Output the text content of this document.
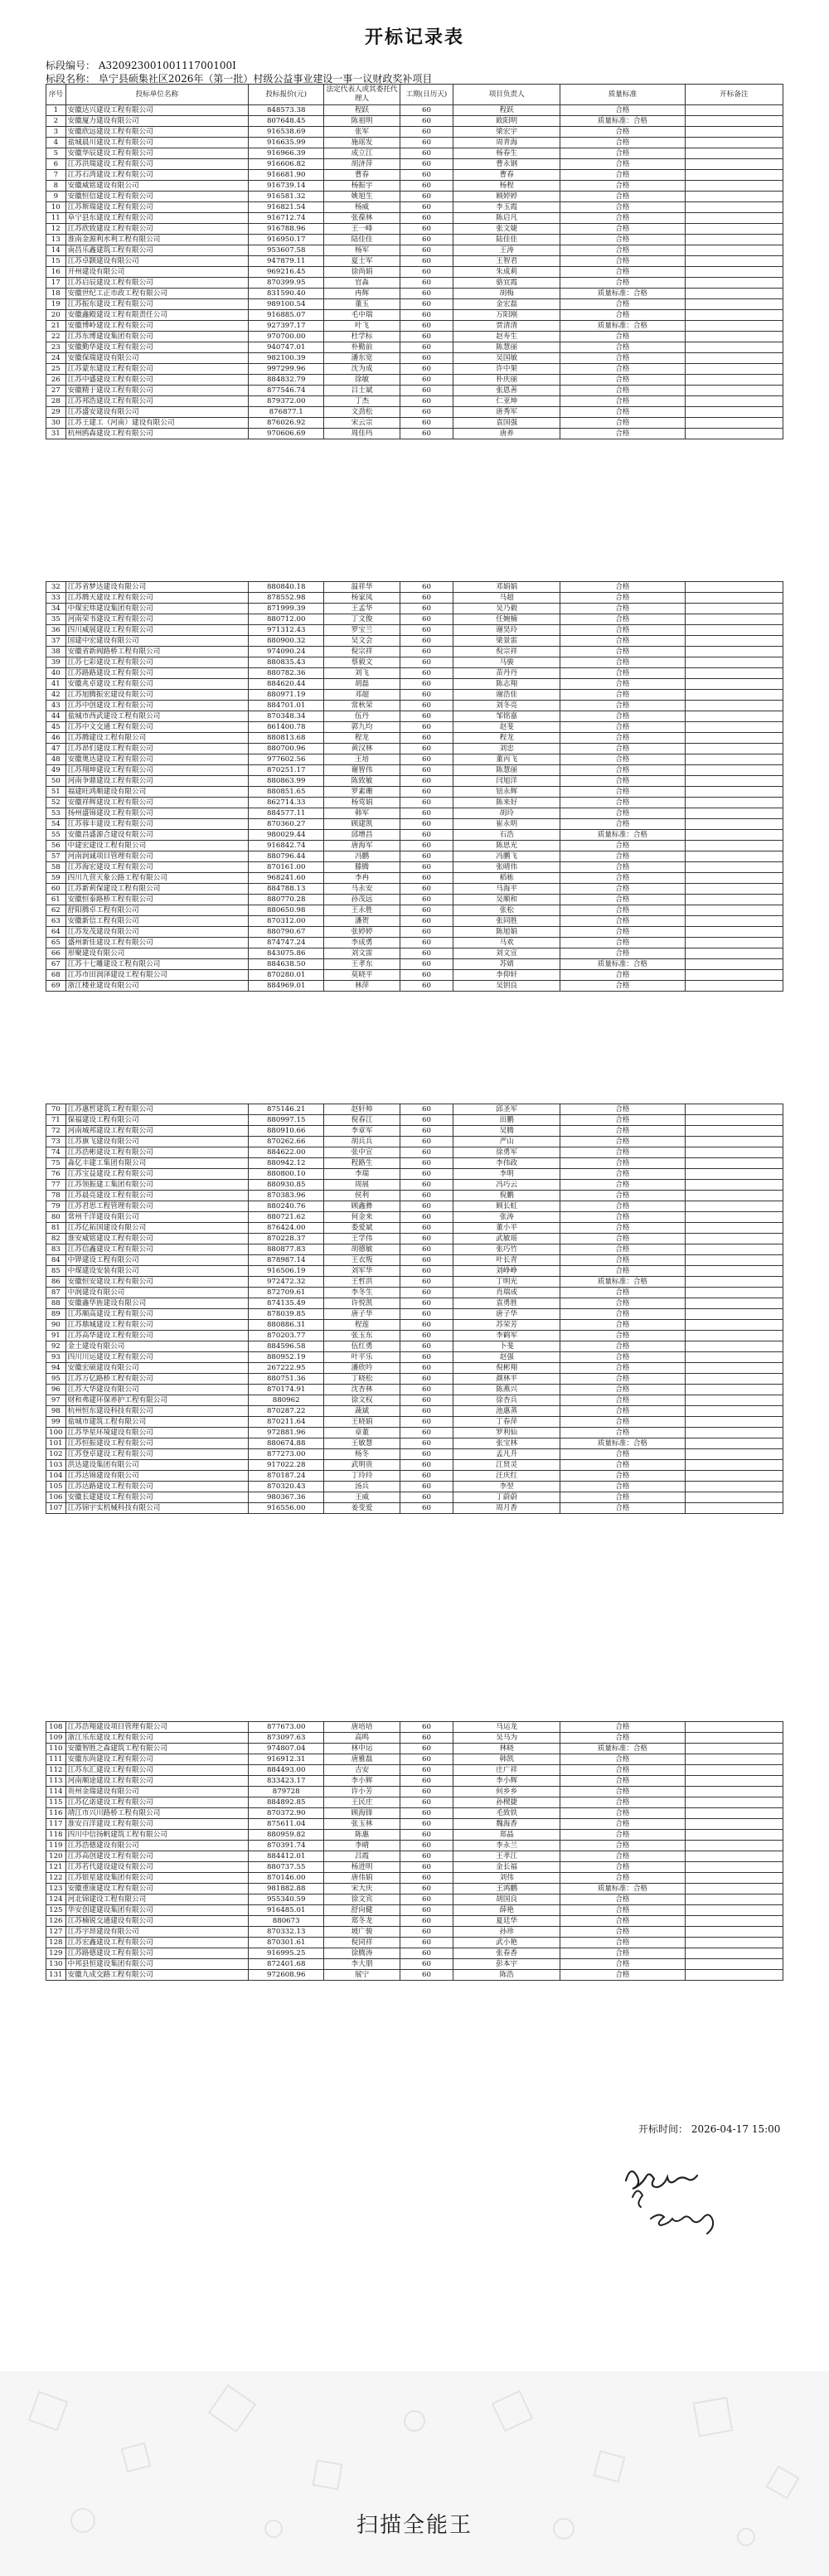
开标记录表
标段编号： A32092300100111700100I
标段名称： 阜宁县硕集社区2026年（第一批）村级公益事业建设一事一议财政奖补项目
序号	投标单位名称	投标报价(元)	法定代表人或其委托代理人	工期(日历天)	项目负责人	质量标准	开标备注
1	安徽达兴建设工程有限公司	848573.38	程跃	60	程跃	合格	
2	安徽厦力建设有限公司	807648.45	陈祖明	60	欧阳明	质量标准：合格	
3	安徽欣远建设工程有限公司	916538.69	张军	60	梁宏宇	合格	
4	盐城晨川建设工程有限公司	916635.99	施瑶发	60	周青海	合格	
5	安徽华辰建设工程有限公司	916966.39	成立江	60	杨春生	合格	
6	江苏洪瑞建设工程有限公司	916606.82	胡济萍	60	曹永钢	合格	
7	江苏石湾建设工程有限公司	916681.90	曹春	60	曹春	合格	
8	安徽威铭建设有限公司	916739.14	杨振宇	60	杨程	合格	
9	安徽恒信建设工程有限公司	916581.32	姚旭生	60	顾婷婷	合格	
10	江苏斯瑞建设工程有限公司	916821.54	杨威	60	李玉霞	合格	
11	阜宁县东建设工程有限公司	916712.74	张葆林	60	陈启凡	合格	
12	江苏欣致建设工程有限公司	916788.96	王一峰	60	张文婕	合格	
13	淮南金源利水利工程有限公司	916950.17	陆佳佳	60	陆佳佳	合格	
14	南昌乐鑫建筑工程有限公司	953607.58	杨军	60	王涛	合格	
15	江苏卓颢建设有限公司	947879.11	夏士军	60	王智君	合格	
16	开州建设有限公司	969216.45	徐尚娟	60	朱成莉	合格	
17	江苏启辰建设工程有限公司	870399.95	官淼	60	骆宜霞	合格	
18	安徽世纪工正市政工程有限公司	831590.40	冉辉	60	胡梅	质量标准：合格	
19	江苏振东建设工程有限公司	989100.54	董玉	60	金宏磊	合格	
20	安徽鑫殿建设工程有限责任公司	916885.07	毛中瑞	60	万阳刚	合格	
21	安徽博岭建设工程有限公司	927397.17	叶飞	60	贾清清	质量标准：合格	
22	江苏东博建设集团有限公司	970700.00	杜学标	60	赵寿生	合格	
23	安徽勤华建设工程有限公司	940747.01	朴勤前	60	陈慧丽	合格	
24	安徽保瑞建设有限公司	982100.39	潘东宽	60	吴国敏	合格	
25	江苏蒙东建设工程有限公司	997299.96	沈为成	60	许中果	合格	
26	江苏中盛建设工程有限公司	884832.79	徐敏	60	朴庆丽	合格	
27	安徽精于建设工程有限公司	877546.74	吕士斌	60	张恩善	合格	
28	江苏邦浩建设工程有限公司	879372.00	丁杰	60	仁亚坤	合格	
29	江苏盛安建设有限公司	876877.1	文劲松	60	唐秀军	合格	
30	江苏王建工（河南）建设有限公司	876026.92	宋云宗	60	袁国强	合格	
31	杭州鸥森建设工程有限公司	970606.69	周佳玛	60	唐养	合格	
32	江苏省梦达建设有限公司	880840.18	温祥华	60	邓娟娟	合格	
33	江苏腾天建设工程有限公司	878552.98	杨家凤	60	马超	合格	
34	中煤宏炜建设集团有限公司	871999.39	王孟华	60	吴乃毅	合格	
35	河南荣书建设工程有限公司	880712.00	丁文俊	60	任婉楠	合格	
36	四川威展建设工程有限公司	971312.43	罗宝兰	60	谢昊玲	合格	
37	国建中宏建设有限公司	880900.32	吴文会	60	梁景雷	合格	
38	安徽省新阀路桥工程有限公司	974090.24	倪宗祥	60	倪宗祥	合格	
39	江苏七彩建设工程有限公司	880835.43	蔡毅文	60	马骏	合格	
40	江苏路路建设工程有限公司	880782.36	刘飞	60	苗丹丹	合格	
41	安徽兆卓建设工程有限公司	884620.44	胡磊	60	陈志翔	合格	
42	江苏旭腾振宏建设有限公司	880971.19	邓超	60	谢浩佳	合格	
43	江苏中创建设工程有限公司	884701.01	常秋荣	60	刘冬亮	合格	
44	盐城市西武建设工程有限公司	870348.34	伍丹	60	邹铭嘉	合格	
45	江苏中文交通工程有限公司	861400.78	郭九均	60	赵斐	合格	
46	江苏腾建设工程有限公司	880813.68	程龙	60	程龙	合格	
47	江苏昂们建设工程有限公司	880700.96	黄汉林	60	刘忠	合格	
48	安徽奥达建设工程有限公司	977602.56	王培	60	董丙飞	合格	
49	江苏翔坤建设工程有限公司	870251.17	谢智伟	60	陈慧丽	合格	
50	河南争鼎建设工程有限公司	880863.99	陈致敏	60	闫旭洋	合格	
51	福建旺鸿顺建设有限公司	880851.65	罗素珊	60	钮永辉	合格	
52	安徽祥辉建设工程有限公司	862714.33	杨莺娟	60	陈来好	合格	
53	扬州盛锦建设工程有限公司	884577.11	韩军	60	胡玲	合格	
54	江苏蓉丰建设工程有限公司	870360.27	顾建凯	60	崔永明	合格	
55	安徽昌盛源合建设有限公司	980029.44	邱增昌	60	石浩	质量标准：合格	
56	中建宏建设工程有限公司	916842.74	唐海军	60	陈思光	合格	
57	河南润诚项目管理有限公司	880796.44	冯鹏	60	冯鹏飞	合格	
58	江苏海宏建设工程有限公司	870161.00	滕腾	60	张晴伟	合格	
59	四川九营天象公路工程有限公司	968241.60	李冉	60	稻栋	合格	
60	江苏新莉保建设工程有限公司	884788.13	马永安	60	马海平	合格	
61	安徽恒泰路桥工程有限公司	880770.28	孙茂远	60	吴顺和	合格	
62	舒阳腾卓工程有限公司	880650.98	王永胜	60	张松	合格	
63	安徽新信工程有限公司	870312.00	潘贺	60	张同胜	合格	
64	江苏发茂建设有限公司	880790.67	张婷婷	60	陈旭娟	合格	
65	盛州新佳建设工程有限公司	874747.24	李成勇	60	马欢	合格	
66	形聚建设有限公司	843075.86	刘文雷	60	刘文宣	合格	
67	江苏十七雕建设工程有限公司	884638.50	王孝东	60	苏婧	质量标准：合格	
68	江苏市田润泽建设工程有限公司	870280.01	莫晓平	60	李仰轩	合格	
69	浙江楼业建设有限公司	884969.01	林萍	60	吴钥良	合格	
70	江苏惠哲建筑工程有限公司	875146.21	赵轩帅	60	邱圣军	合格	
71	保福建设工程有限公司	880997.15	倪春江	60	田鹏	合格	
72	河南城邦建设工程有限公司	880910.66	李章军	60	吴腾	合格	
73	江苏旗飞建设有限公司	870262.66	胡兵兵	60	严山	合格	
74	江苏浩彬建设工程有限公司	884622.00	张中宣	60	徐勇军	合格	
75	淼亿丰建工集团有限公司	880942.12	程路生	60	李伟政	合格	
76	江苏宝益建设工程有限公司	880800.10	李瑞	60	李明	合格	
77	江苏领振建工集团有限公司	880930.85	周展	60	冯巧云	合格	
78	江苏晨亮建设工程有限公司	870383.96	侯利	60	倪鹏	合格	
79	江苏君思工程管理有限公司	880240.76	顾鑫彝	60	顾长虹	合格	
80	常州千洋建设有限公司	880721.62	何金来	60	张涛	合格	
81	江苏亿拓国建设有限公司	876424.00	娄爱斌	60	董小平	合格	
82	淮安威铭建设工程有限公司	870228.37	王学伟	60	武敏瑶	合格	
83	江苏信鑫建设工程有限公司	880877.83	胡德敏	60	张巧竹	合格	
84	中铧建设工程有限公司	878987.14	王衣叛	60	叶长青	合格	
85	中煤建设安装有限公司	916506.19	刘军华	60	刘峥峥	合格	
86	安徽恒安建设工程有限公司	972472.32	王哲洪	60	丁明光	质量标准：合格	
87	中润建设有限公司	872709.61	李冬生	60	肖瑞成	合格	
88	安徽鑫华旌建设有限公司	874135.49	许悦凯	60	袁勇胜	合格	
89	江苏顺高建设工程有限公司	878039.85	唐子华	60	唐子华	合格	
90	江苏鼎城建设工程有限公司	880886.31	程莲	60	苏荣芳	合格	
91	江苏高华建设工程有限公司	870203.77	张玉东	60	李鹤军	合格	
92	金土建设有限公司	884596.58	伍红勇	60	卜斐	合格	
93	四川川运建设工程有限公司	880952.19	叶平乐	60	赵强	合格	
94	安徽宏硕建设有限公司	267222.95	潘欣吟	60	倪彬翔	合格	
95	江苏万亿路桥工程有限公司	880751.36	丁晓松	60	颜林平	合格	
96	江苏大华建设有限公司	870174.91	沈杏林	60	陈燕兴	合格	
97	财和弗建环保养护工程有限公司	880962	徐文权	60	徐杏兵	合格	
98	杭州恒东建设科技有限公司	870287.22	蔬斌	60	池惠蒸	合格	
99	盐城市建筑工程有限公司	870211.64	王晓娟	60	丁春萍	合格	
100	江苏华星环境建设有限公司	972881.96	章董	60	罗利仙	合格	
101	江苏恒振建设工程有限公司	880674.88	王敏慧	60	张宝林	质量标准：合格	
102	江苏登卓建设工程有限公司	877273.00	杨冬	60	孟凡升	合格	
103	洪达建设集团有限公司	917022.28	武明贵	60	江贤灵	合格	
104	江苏达锦建设有限公司	870187.24	丁玲玲	60	汪庆红	合格	
105	江苏达路建设工程有限公司	870320.43	汤兵	60	李翌	合格	
106	安徽长建建设工程有限公司	980367.36	王威	60	丁蔚蔚	合格	
107	江苏锦宇实机械科技有限公司	916556.00	姜变爱	60	周月香	合格	
108	江苏浩翔建设项目管理有限公司	877673.00	唐培培	60	马运龙	合格	
109	浙江乐东建设工程有限公司	873097.63	高鸣	60	吴马为	合格	
110	安徽智胜之森建筑工程有限公司	974807.04	林中运	60	林晓	质量标准：合格	
111	安徽东尚建设工程有限公司	916912.31	唐雅磊	60	韩凯	合格	
112	江苏东汇建设工程有限公司	884493.00	吉安	60	庄广祥	合格	
113	河南顺途建设工程有限公司	833423.17	李小辉	60	李小辉	合格	
114	贵州金瑞建设有限公司	879728	许小芳	60	何乡乡	合格	
115	江苏亿诺建设工程有限公司	884892.85	王民庄	60	孙楔捷	合格	
116	靖江市兴川路桥工程有限公司	870372.90	顾海锋	60	毛致铁	合格	
117	淮安百洋建设工程有限公司	875611.04	张玉林	60	魏海香	合格	
118	四川中信扬帆建筑工程有限公司	880959.82	陈惠	60	郑晶	合格	
119	江苏浩德建设有限公司	870391.74	李晴	60	李永兰	合格	
120	江苏高创建设工程有限公司	884412.01	吕霞	60	王孝江	合格	
121	江苏若代建设建设有限公司	880737.55	杨进明	60	金长福	合格	
122	江苏银星建设集团有限公司	870146.00	唐伟娟	60	刘伟	合格	
123	安徽重康建设工程有限公司	981882.88	宋大庆	60	王鸿鹏	质量标准：合格	
124	河北锦建设工程有限公司	955340.59	徐文宾	60	胡国良	合格	
125	华安创建建设集团有限公司	916485.01	舒向健	60	薛艳	合格	
126	江苏楠锐交通建设有限公司	880673	郑冬龙	60	夏廷华	合格	
127	江苏宇昂建设有限公司	870332.13	坡广骏	60	孙珍	合格	
128	江苏宏鑫建设工程有限公司	870301.61	倪同祥	60	武小艳	合格	
129	江苏路德建设工程有限公司	916995.25	徐腾涛	60	张春香	合格	
130	中邦县恒建设集团有限公司	872401.68	李大朋	60	彭本宇	合格	
131	安徽九成交路工程有限公司	972608.96	展宁	60	陈浩	合格	
开标时间： 2026-04-17 15:00
扫描全能王
